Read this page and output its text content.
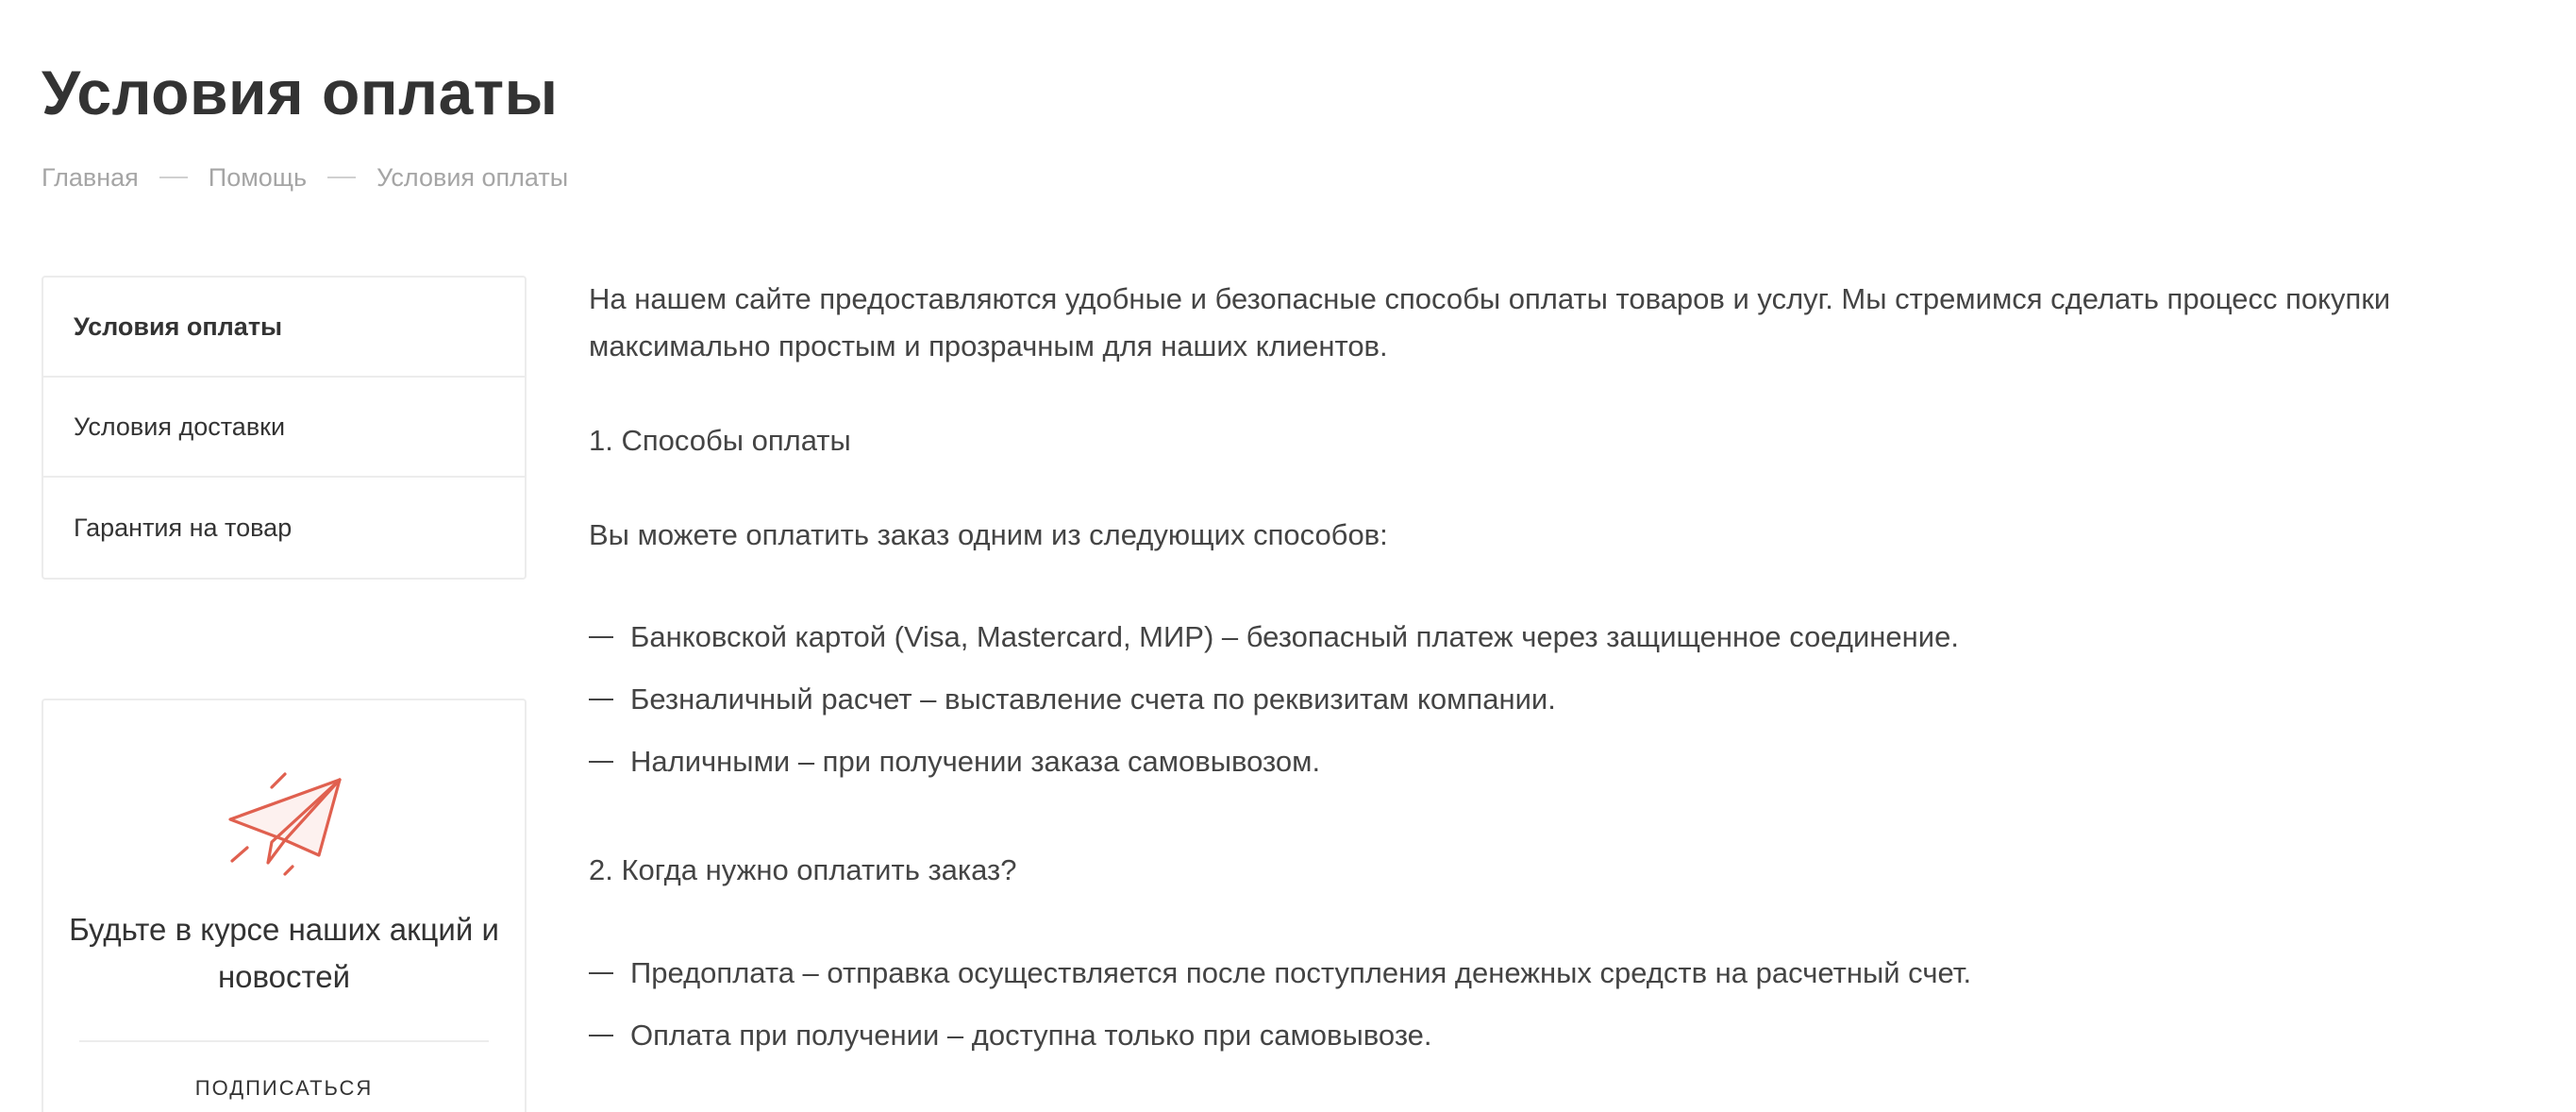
Условия оплаты
Главная	Помощь	Условия оплаты
Условия оплаты
Условия доставки
Гарантия на товар
Будьте в курсе наших акций и новостей
ПОДПИСАТЬСЯ

На нашем сайте предоставляются удобные и безопасные способы оплаты товаров и услуг. Мы стремимся сделать процесс покупки максимально простым и прозрачным для наших клиентов.

1. Способы оплаты

Вы можете оплатить заказ одним из следующих способов:

Банковской картой (Visa, Mastercard, МИР) – безопасный платеж через защищенное соединение.
Безналичный расчет – выставление счета по реквизитам компании.
Наличными – при получении заказа самовывозом.

2. Когда нужно оплатить заказ?

Предоплата – отправка осуществляется после поступления денежных средств на расчетный счет.
Оплата при получении – доступна только при самовывозе.
